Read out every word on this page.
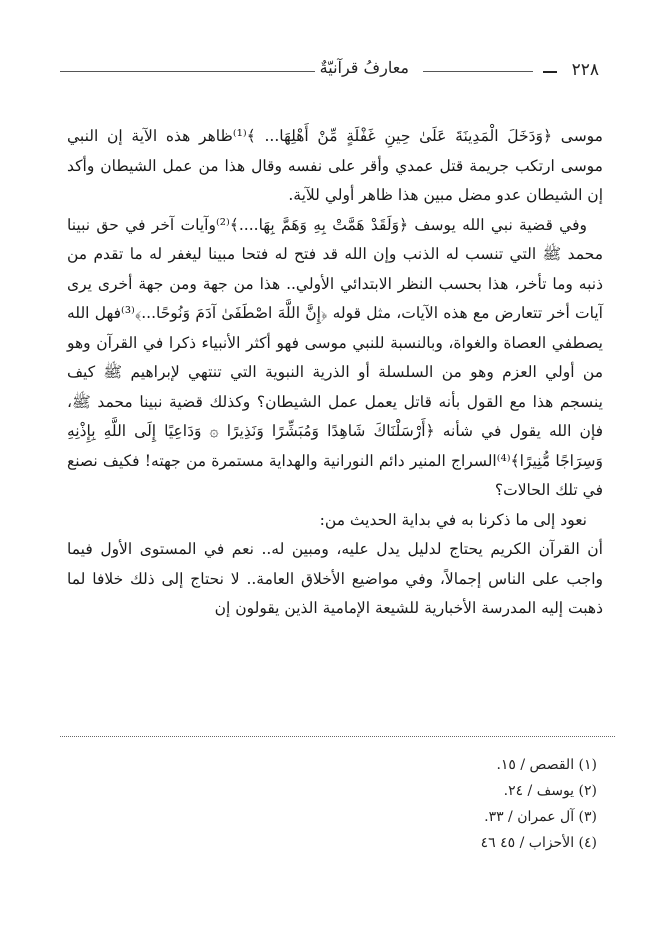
٢٢٨
معارفُ قرآنيّةٌ

موسى ﴿وَدَخَلَ الْمَدِينَةَ عَلَىٰ حِينِ غَفْلَةٍ مِّنْ أَهْلِهَا... ﴾⁽¹⁾ظاهر هذه الآية إن النبي موسى ارتكب جريمة قتل عمدي وأقر على نفسه وقال هذا من عمل الشيطان وأكد إن الشيطان عدو مضل مبين هذا ظاهر أولي للآية.

وفي قضية نبي الله يوسف ﴿وَلَقَدْ هَمَّتْ بِهِ وَهَمَّ بِهَا....﴾⁽²⁾وآيات آخر في حق نبينا محمد ﷺ التي تنسب له الذنب وإن الله قد فتح له فتحا مبينا ليغفر له ما تقدم من ذنبه وما تأخر، هذا بحسب النظر الابتدائي الأولي.. هذا من جهة ومن جهة أخرى يرى آيات أخر تتعارض مع هذه الآيات، مثل قوله ﴿إِنَّ اللَّهَ اصْطَفَىٰ آدَمَ وَنُوحًا...﴾⁽³⁾فهل الله يصطفي العصاة والغواة، وبالنسبة للنبي موسى فهو أكثر الأنبياء ذكرا في القرآن وهو من أولي العزم وهو من السلسلة أو الذرية النبوية التي تنتهي لإبراهيم ﷺ كيف ينسجم هذا مع القول بأنه قاتل يعمل عمل الشيطان؟ وكذلك قضية نبينا محمد ﷺ، فإن الله يقول في شأنه ﴿أَرْسَلْنَاكَ شَاهِدًا وَمُبَشِّرًا وَنَذِيرًا ۞ وَدَاعِيًا إِلَى اللَّهِ بِإِذْنِهِ وَسِرَاجًا مُّنِيرًا﴾⁽⁴⁾السراج المنير دائم النورانية والهداية مستمرة من جهته! فكيف نصنع في تلك الحالات؟

نعود إلى ما ذكرنا به في بداية الحديث من:

أن القرآن الكريم يحتاج لدليل يدل عليه، ومبين له.. نعم في المستوى الأول فيما واجب على الناس إجمالاً، وفي مواضيع الأخلاق العامة.. لا نحتاج إلى ذلك خلافا لما ذهبت إليه المدرسة الأخبارية للشيعة الإمامية الذين يقولون إن

(١) القصص / ١٥.

(٢) يوسف / ٢٤.

(٣) آل عمران / ٣٣.

(٤) الأحزاب / ٤٥ ٤٦
